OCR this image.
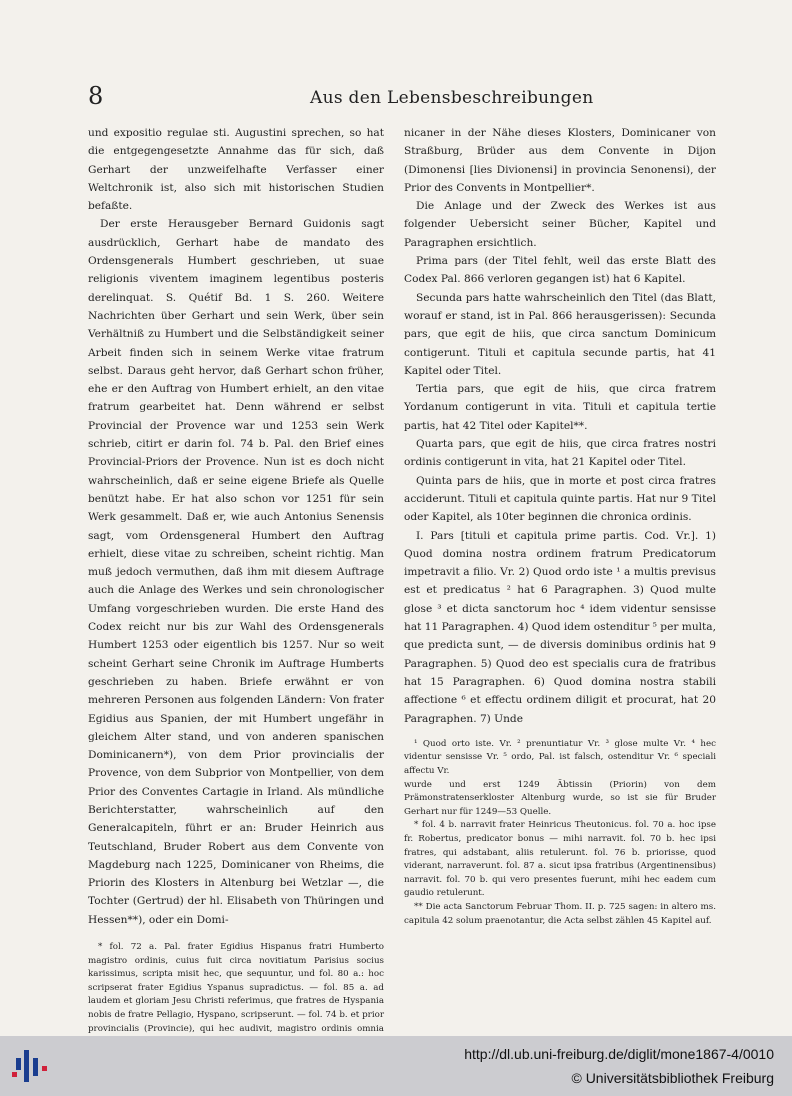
8	Aus den Lebensbeschreibungen

und expositio regulae sti. Augustini sprechen, so hat die entgegengesetzte Annahme das für sich, daß Gerhart der unzweifelhafte Verfasser einer Weltchronik ist, also sich mit historischen Studien befaßte.

Der erste Herausgeber Bernard Guidonis sagt ausdrücklich, Gerhart habe de mandato des Ordensgenerals Humbert geschrieben, ut suae religionis viventem imaginem legentibus posteris derelinquat. S. Quétif Bd. 1 S. 260. Weitere Nachrichten über Gerhart und sein Werk, über sein Verhältniß zu Humbert und die Selbständigkeit seiner Arbeit finden sich in seinem Werke vitae fratrum selbst. Daraus geht hervor, daß Gerhart schon früher, ehe er den Auftrag von Humbert erhielt, an den vitae fratrum gearbeitet hat. Denn während er selbst Provincial der Provence war und 1253 sein Werk schrieb, citirt er darin fol. 74 b. Pal. den Brief eines Provincial-Priors der Provence. Nun ist es doch nicht wahrscheinlich, daß er seine eigene Briefe als Quelle benützt habe. Er hat also schon vor 1251 für sein Werk gesammelt. Daß er, wie auch Antonius Senensis sagt, vom Ordensgeneral Humbert den Auftrag erhielt, diese vitae zu schreiben, scheint richtig. Man muß jedoch vermuthen, daß ihm mit diesem Auftrage auch die Anlage des Werkes und sein chronologischer Umfang vorgeschrieben wurden. Die erste Hand des Codex reicht nur bis zur Wahl des Ordensgenerals Humbert 1253 oder eigentlich bis 1257. Nur so weit scheint Gerhart seine Chronik im Auftrage Humberts geschrieben zu haben. Briefe erwähnt er von mehreren Personen aus folgenden Ländern: Von frater Egidius aus Spanien, der mit Humbert ungefähr in gleichem Alter stand, und von anderen spanischen Dominicanern*), von dem Prior provincialis der Provence, von dem Subprior von Montpellier, von dem Prior des Conventes Cartagie in Irland. Als mündliche Berichterstatter, wahrscheinlich auf den Generalcapiteln, führt er an: Bruder Heinrich aus Teutschland, Bruder Robert aus dem Convente von Magdeburg nach 1225, Dominicaner von Rheims, die Priorin des Klosters in Altenburg bei Wetzlar —, die Tochter (Gertrud) der hl. Elisabeth von Thüringen und Hessen**), oder ein Domi-

* fol. 72 a. Pal. frater Egidius Hispanus fratri Humberto magistro ordinis, cuius fuit circa novitiatum Parisius socius karissimus, scripta misit hec, que sequuntur, und fol. 80 a.: hoc scripserat frater Egidius Yspanus supradictus. — fol. 85 a. ad laudem et gloriam Jesu Christi referimus, que fratres de Hyspania nobis de fratre Pellagio, Hyspano, scripserunt. — fol. 74 b. et prior provincialis (Provincie), qui hec audivit, magistro ordinis omnia

nicaner in der Nähe dieses Klosters, Dominicaner von Straßburg, Brüder aus dem Convente in Dijon (Dimonensi [lies Divionensi] in provincia Senonensi), der Prior des Convents in Montpellier*.

Die Anlage und der Zweck des Werkes ist aus folgender Uebersicht seiner Bücher, Kapitel und Paragraphen ersichtlich.

Prima pars (der Titel fehlt, weil das erste Blatt des Codex Pal. 866 verloren gegangen ist) hat 6 Kapitel.

Secunda pars hatte wahrscheinlich den Titel (das Blatt, worauf er stand, ist in Pal. 866 herausgerissen): Secunda pars, que egit de hiis, que circa sanctum Dominicum contigerunt. Tituli et capitula secunde partis, hat 41 Kapitel oder Titel.

Tertia pars, que egit de hiis, que circa fratrem Yordanum contigerunt in vita. Tituli et capitula tertie partis, hat 42 Titel oder Kapitel**.

Quarta pars, que egit de hiis, que circa fratres nostri ordinis contigerunt in vita, hat 21 Kapitel oder Titel.

Quinta pars de hiis, que in morte et post circa fratres acciderunt. Tituli et capitula quinte partis. Hat nur 9 Titel oder Kapitel, als 10ter beginnen die chronica ordinis.

I. Pars [tituli et capitula prime partis. Cod. Vr.]. 1) Quod domina nostra ordinem fratrum Predicatorum impetravit a filio. Vr. 2) Quod ordo iste ¹ a multis previsus est et predicatus ² hat 6 Paragraphen. 3) Quod multe glose ³ et dicta sanctorum hoc ⁴ idem videntur sensisse hat 11 Paragraphen. 4) Quod idem ostenditur ⁵ per multa, que predicta sunt, — de diversis dominibus ordinis hat 9 Paragraphen. 5) Quod deo est specialis cura de fratribus hat 15 Paragraphen. 6) Quod domina nostra stabili affectione ⁶ et effectu ordinem diligit et procurat, hat 20 Paragraphen. 7) Unde

¹ Quod orto iste. Vr. ² prenuntiatur Vr. ³ glose multe Vr. ⁴ hec videntur sensisse Vr. ⁵ ordo, Pal. ist falsch, ostenditur Vr. ⁶ speciali affectu Vr.

wurde und erst 1249 Äbtissin (Priorin) von dem Prämonstratenserkloster Altenburg wurde, so ist sie für Bruder Gerhart nur für 1249—53 Quelle.

* fol. 4 b. narravit frater Heinricus Theutonicus. fol. 70 a. hoc ipse fr. Robertus, predicator bonus — mihi narravit. fol. 70 b. hec ipsi fratres, qui adstabant, aliis retulerunt. fol. 76 b. priorisse, quod viderant, narraverunt. fol. 87 a. sicut ipsa fratribus (Argentinensibus) narravit. fol. 70 b. qui vero presentes fuerunt, mihi hec eadem cum gaudio retulerunt.

** Die acta Sanctorum Februar Thom. II. p. 725 sagen: in altero ms. capitula 42 solum praenotantur, die Acta selbst zählen 45 Kapitel auf.

http://dl.ub.uni-freiburg.de/diglit/mone1867-4/0010
© Universitätsbibliothek Freiburg
